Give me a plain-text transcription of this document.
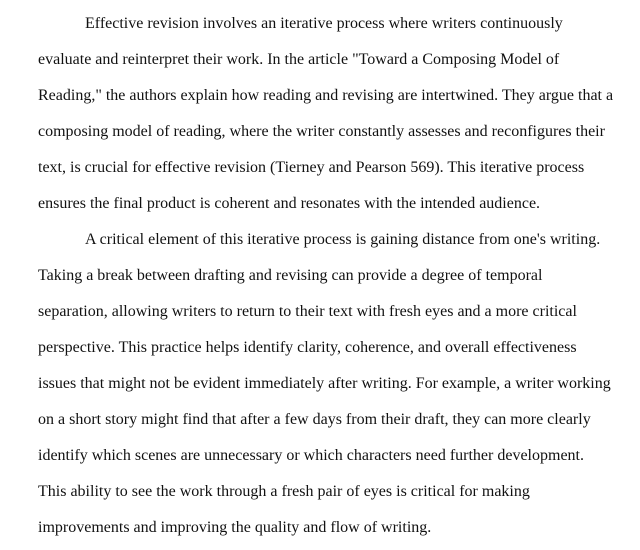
Effective revision involves an iterative process where writers continuously
evaluate and reinterpret their work. In the article "Toward a Composing Model of
Reading," the authors explain how reading and revising are intertwined. They argue that a
composing model of reading, where the writer constantly assesses and reconfigures their
text, is crucial for effective revision (Tierney and Pearson 569). This iterative process
ensures the final product is coherent and resonates with the intended audience.
A critical element of this iterative process is gaining distance from one's writing.
Taking a break between drafting and revising can provide a degree of temporal
separation, allowing writers to return to their text with fresh eyes and a more critical
perspective. This practice helps identify clarity, coherence, and overall effectiveness
issues that might not be evident immediately after writing. For example, a writer working
on a short story might find that after a few days from their draft, they can more clearly
identify which scenes are unnecessary or which characters need further development.
This ability to see the work through a fresh pair of eyes is critical for making
improvements and improving the quality and flow of writing.
